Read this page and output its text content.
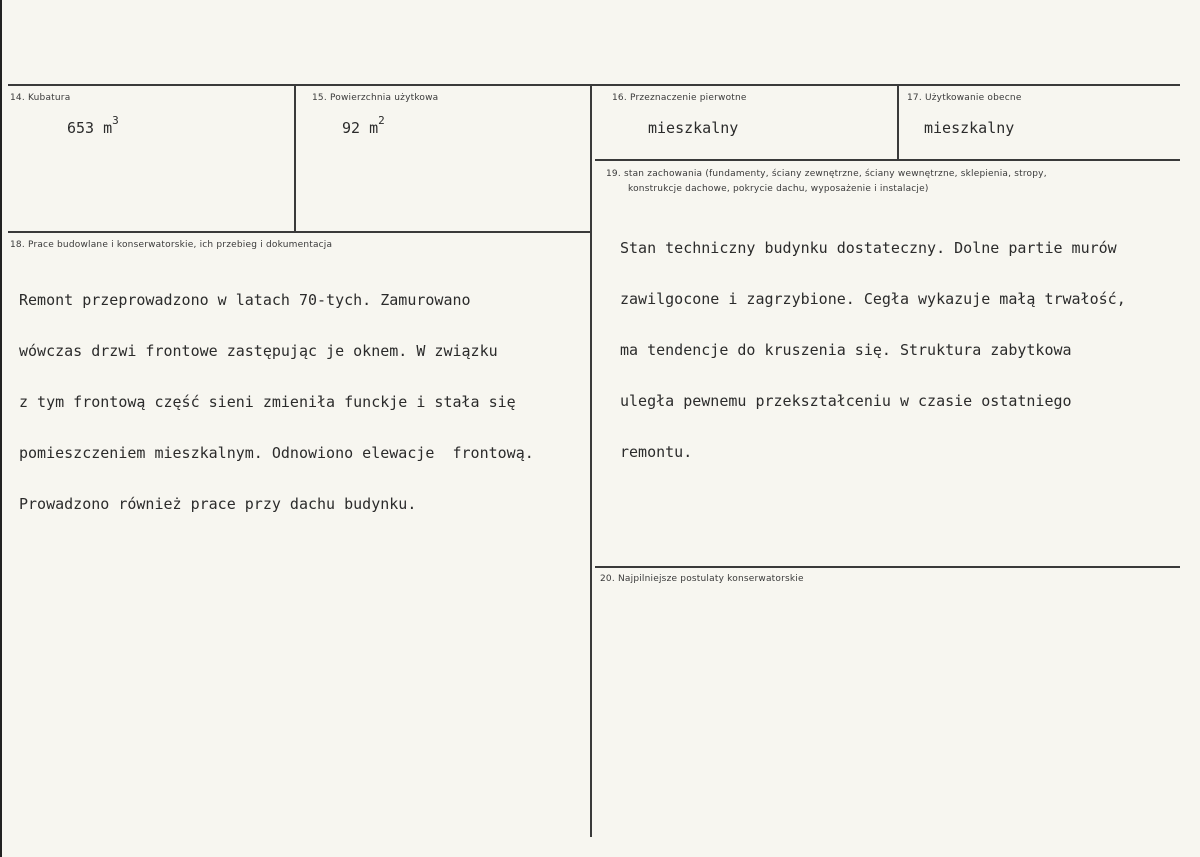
14. Kubatura
653 $m^3$
15. Powierzchnia użytkowa
92 $m^2$
16. Przeznaczenie pierwotne
mieszkalny
17. Użytkowanie obecne
mieszkalny
19. stan zachowania (fundamenty, ściany zewnętrzne, ściany wewnętrzne, sklepienia, stropy,
konstrukcje dachowe, pokrycie dachu, wyposażenie i instalacje)

Stan techniczny budynku dostateczny. Dolne partie murów

zawilgocone i zagrzybione. Cegła wykazuje małą trwałość,

ma tendencje do kruszenia się. Struktura zabytkowa

uległa pewnemu przekształceniu w czasie ostatniego

remontu.

18. Prace budowlane i konserwatorskie, ich przebieg i dokumentacja

Remont przeprowadzono w latach 70-tych. Zamurowano

wówczas drzwi frontowe zastępując je oknem. W związku

z tym frontową część sieni zmieniła funckje i stała się

pomieszczeniem mieszkalnym. Odnowiono elewacje  frontową.

Prowadzono również prace przy dachu budynku.

20. Najpilniejsze postulaty konserwatorskie
